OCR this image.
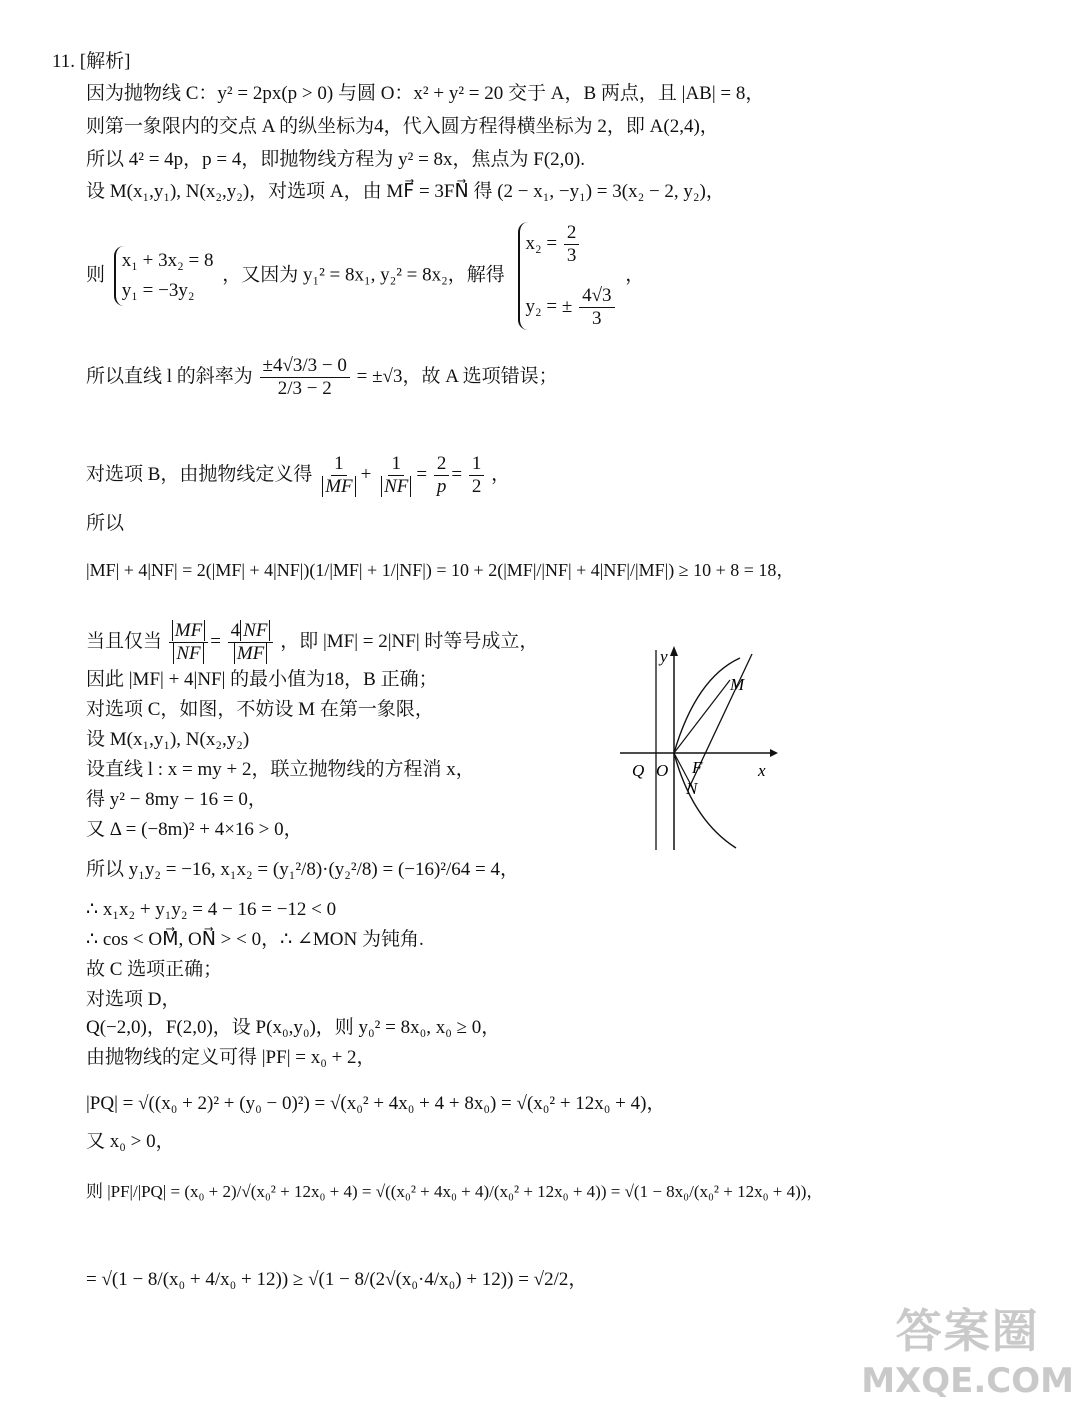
11. [解析]
因为抛物线 C：y² = 2px(p > 0) 与圆 O：x² + y² = 20 交于 A，B 两点，且 |AB| = 8，
则第一象限内的交点 A 的纵坐标为4，代入圆方程得横坐标为 2，即 A(2,4)，
所以 4² = 4p，p = 4，即抛物线方程为 y² = 8x，焦点为 F(2,0).
设 M(x₁,y₁), N(x₂,y₂)，对选项 A，由 MF⃗ = 3FN⃗ 得 (2 − x₁, −y₁) = 3(x₂ − 2, y₂)，
则
x₁ + 3x₂ = 8
y₁ = −3y₂
，又因为 y₁² = 8x₁, y₂² = 8x₂，解得
$x_2 = \frac{2}{3}$
y₂ = ± $\frac{4√3}{3}$
，
所以直线 l 的斜率为 $\frac{\pm 4√3/3 - 0}{2/3 - 2} = \pm√3$，故 A 选项错误；
对选项 B，由抛物线定义得 $\frac{1}{MF} + \frac{1}{NF} = \frac{2}{p} = \frac{1}{2}$ ，
所以
|MF| + 4|NF| = 2(|MF| + 4|NF|)(1/|MF| + 1/|NF|) = 10 + 2(|MF|/|NF| + 4|NF|/|MF|) ≥ 10 + 8 = 18，
当且仅当 $\frac{MF}{NF} = \frac{4 NF}{MF}$ ，即 |MF| = 2|NF| 时等号成立，
因此 |MF| + 4|NF| 的最小值为18，B 正确；
对选项 C，如图，不妨设 M 在第一象限，
设 M(x₁,y₁), N(x₂,y₂)
设直线 l : x = my + 2，联立抛物线的方程消 x，
得 y² − 8my − 16 = 0，
又 Δ = (−8m)² + 4×16 > 0，
所以 y₁y₂ = −16, x₁x₂ = (y₁²/8)·(y₂²/8) = (−16)²/64 = 4，
∴ x₁x₂ + y₁y₂ = 4 − 16 = −12 < 0
∴ cos < OM⃗, ON⃗ > < 0，∴ ∠MON 为钝角.
故 C 选项正确；
对选项 D，
Q(−2,0)，F(2,0)，设 P(x₀,y₀)，则 y₀² = 8x₀, x₀ ≥ 0，
由抛物线的定义可得 |PF| = x₀ + 2，
|PQ| = √((x₀ + 2)² + (y₀ − 0)²) = √(x₀² + 4x₀ + 4 + 8x₀) = √(x₀² + 12x₀ + 4)，
又 x₀ > 0，
则 |PF|/|PQ| = (x₀ + 2)/√(x₀² + 12x₀ + 4) = √((x₀² + 4x₀ + 4)/(x₀² + 12x₀ + 4)) = √(1 − 8x₀/(x₀² + 12x₀ + 4))，
= √(1 − 8/(x₀ + 4/x₀ + 12)) ≥ √(1 − 8/(2√(x₀·4/x₀) + 12)) = √2/2，
y
x
M
N
Q O F
答案圈
MXQE.COM
